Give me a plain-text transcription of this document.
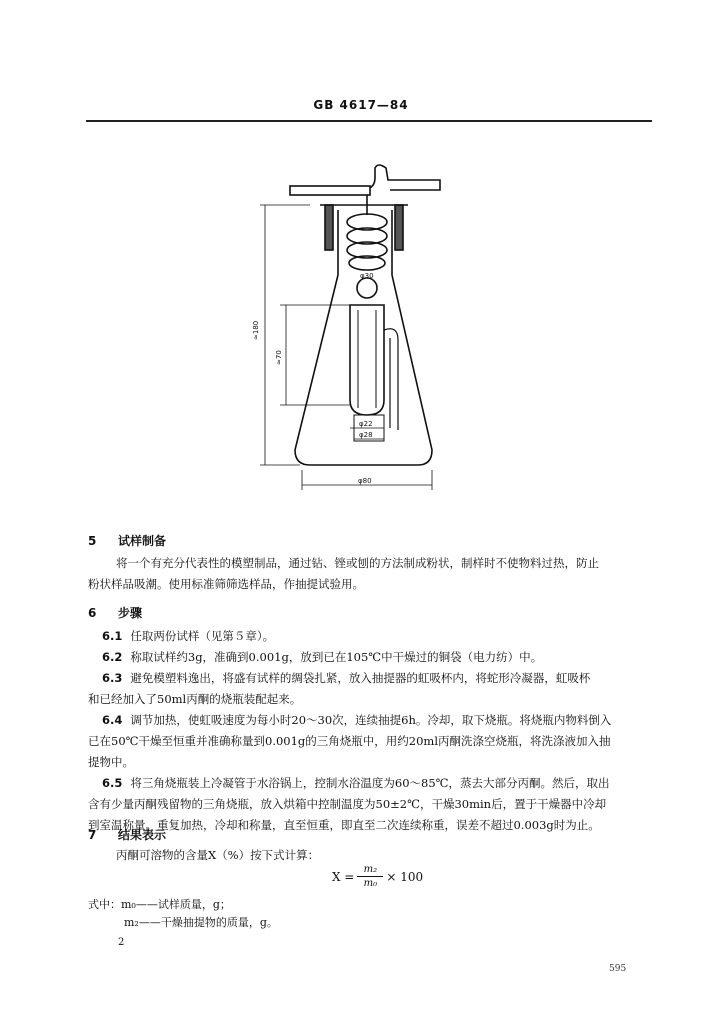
GB 4617—84
≈180
≈70
φ30
φ22
φ28
φ80
5 试样制备
将一个有充分代表性的模塑制品，通过钻、锉或刨的方法制成粉状，制样时不使物料过热，防止
粉状样品吸潮。使用标准筛筛选样品，作抽提试验用。
6 步骤
6.1 任取两份试样（见第５章）。
6.2 称取试样约3g，准确到0.001g，放到已在105℃中干燥过的铜袋（电力纺）中。
6.3 避免模塑料逸出，将盛有试样的绸袋扎紧，放入抽提器的虹吸杯内，将蛇形冷凝器，虹吸杯
和已经加入了50ml丙酮的烧瓶装配起来。
6.4 调节加热，使虹吸速度为每小时20～30次，连续抽提6h。冷却，取下烧瓶。将烧瓶内物料倒入
已在50℃干燥至恒重并准确称量到0.001g的三角烧瓶中，用约20ml丙酮洗涤空烧瓶，将洗涤液加入抽
提物中。
6.5 将三角烧瓶装上冷凝管于水浴锅上，控制水浴温度为60～85℃，蒸去大部分丙酮。然后，取出
含有少量丙酮残留物的三角烧瓶，放入烘箱中控制温度为50±2℃，干燥30min后，置于干燥器中冷却
到室温称量。重复加热，冷却和称量，直至恒重，即直至二次连续称重，误差不超过0.003g时为止。
7 结果表示
丙酮可溶物的含量X（%）按下式计算：
$X = \frac{\text{m₂}}{\text{m₀}} \times 100$
式中：m₀——试样质量，g；
m₂——干燥抽提物的质量，g。
2
595
